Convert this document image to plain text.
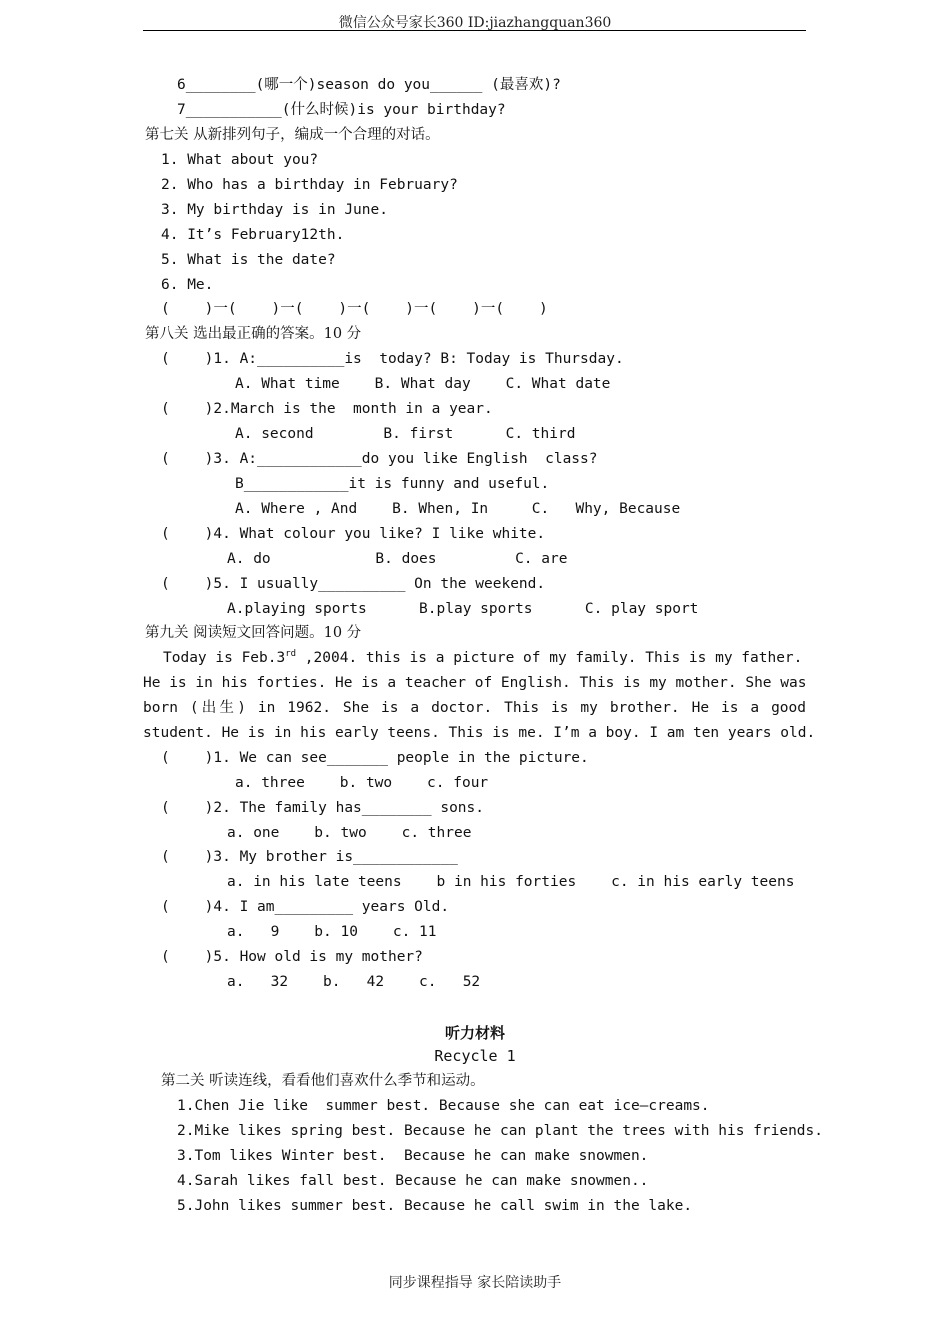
微信公众号家长360 ID:jiazhangquan360
6________(哪一个)season do you______ (最喜欢)?
7___________(什么时候)is your birthday?
第七关 从新排列句子，编成一个合理的对话。
1. What about you?
2. Who has a birthday in February?
3. My birthday is in June.
4. It’s February12th.
5. What is the date?
6. Me.
(    )一(    )一(    )一(    )一(    )一(    )
第八关 选出最正确的答案。10 分
(    )1. A:__________is  today? B: Today is Thursday.
A. What time    B. What day    C. What date
(    )2.March is the  month in a year.
A. second        B. first      C. third
(    )3. A:____________do you like English  class?
B____________it is funny and useful.
A. Where , And    B. When, In     C.   Why, Because
(    )4. What colour you like? I like white.
A. do            B. does         C. are
(    )5. I usually__________ On the weekend.
A.playing sports      B.play sports      C. play sport
第九关 阅读短文回答问题。10 分
Today is Feb.3rd ,2004. this is a picture of my family. This is my father.
He is in his forties. He is a teacher of English. This is my mother. She was
born (出生) in 1962. She is a doctor. This is my brother. He is a good
student. He is in his early teens. This is me. I’m a boy. I am ten years old.
(    )1. We can see_______ people in the picture.
a. three    b. two    c. four
(    )2. The family has________ sons.
a. one    b. two    c. three
(    )3. My brother is____________
a. in his late teens    b in his forties    c. in his early teens
(    )4. I am_________ years Old.
a.   9    b. 10    c. 11
(    )5. How old is my mother?
a.   32    b.   42    c.   52
听力材料
Recycle 1
第二关 听读连线，看看他们喜欢什么季节和运动。
1.Chen Jie like  summer best. Because she can eat ice—creams.
2.Mike likes spring best. Because he can plant the trees with his friends.
3.Tom likes Winter best.  Because he can make snowmen.
4.Sarah likes fall best. Because he can make snowmen..
5.John likes summer best. Because he call swim in the lake.
同步课程指导 家长陪读助手
